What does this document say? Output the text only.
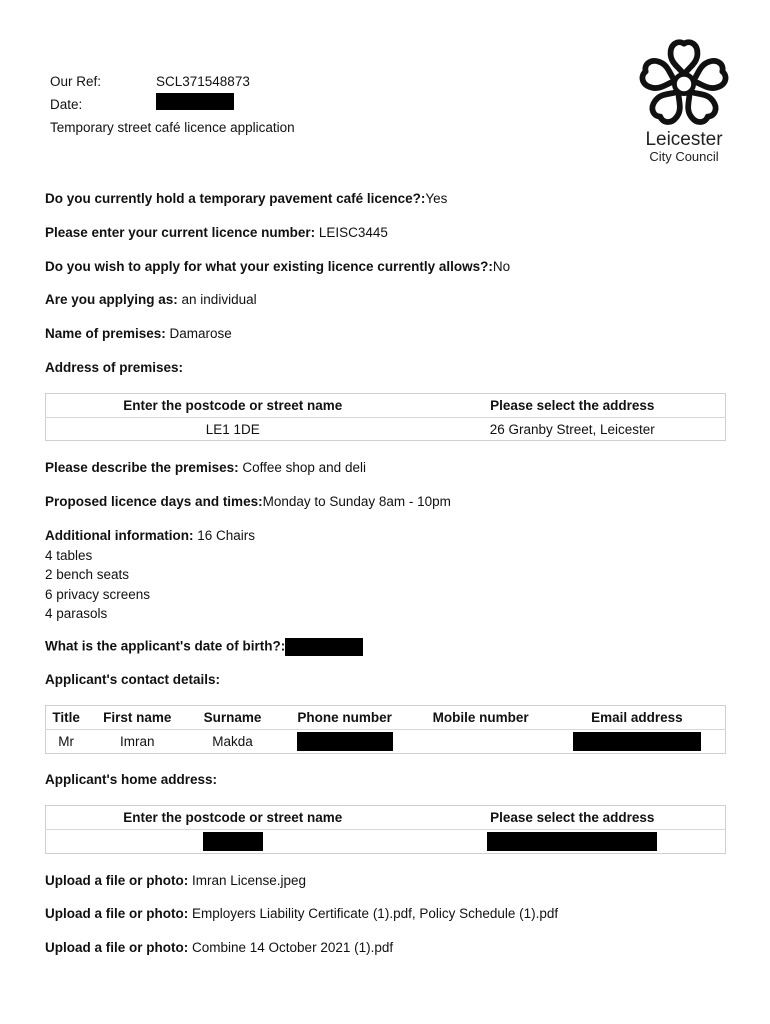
Our Ref:	SCL371548873
Date:
Temporary street café licence application
Leicester
City Council
Do you currently hold a temporary pavement café licence?:Yes
Please enter your current licence number: LEISC3445
Do you wish to apply for what your existing licence currently allows?:No
Are you applying as: an individual
Name of premises: Damarose
Address of premises:
Enter the postcode or street name	Please select the address
LE1 1DE	26 Granby Street, Leicester
Please describe the premises: Coffee shop and deli
Proposed licence days and times:Monday to Sunday 8am - 10pm
Additional information: 16 Chairs
4 tables
2 bench seats
6 privacy screens
4 parasols
What is the applicant's date of birth?:
Applicant's contact details:
Title	First name	Surname	Phone number	Mobile number	Email address
Mr	Imran	Makda			
Applicant's home address:
Enter the postcode or street name	Please select the address

Upload a file or photo: Imran License.jpeg
Upload a file or photo: Employers Liability Certificate (1).pdf, Policy Schedule (1).pdf
Upload a file or photo: Combine 14 October 2021 (1).pdf
